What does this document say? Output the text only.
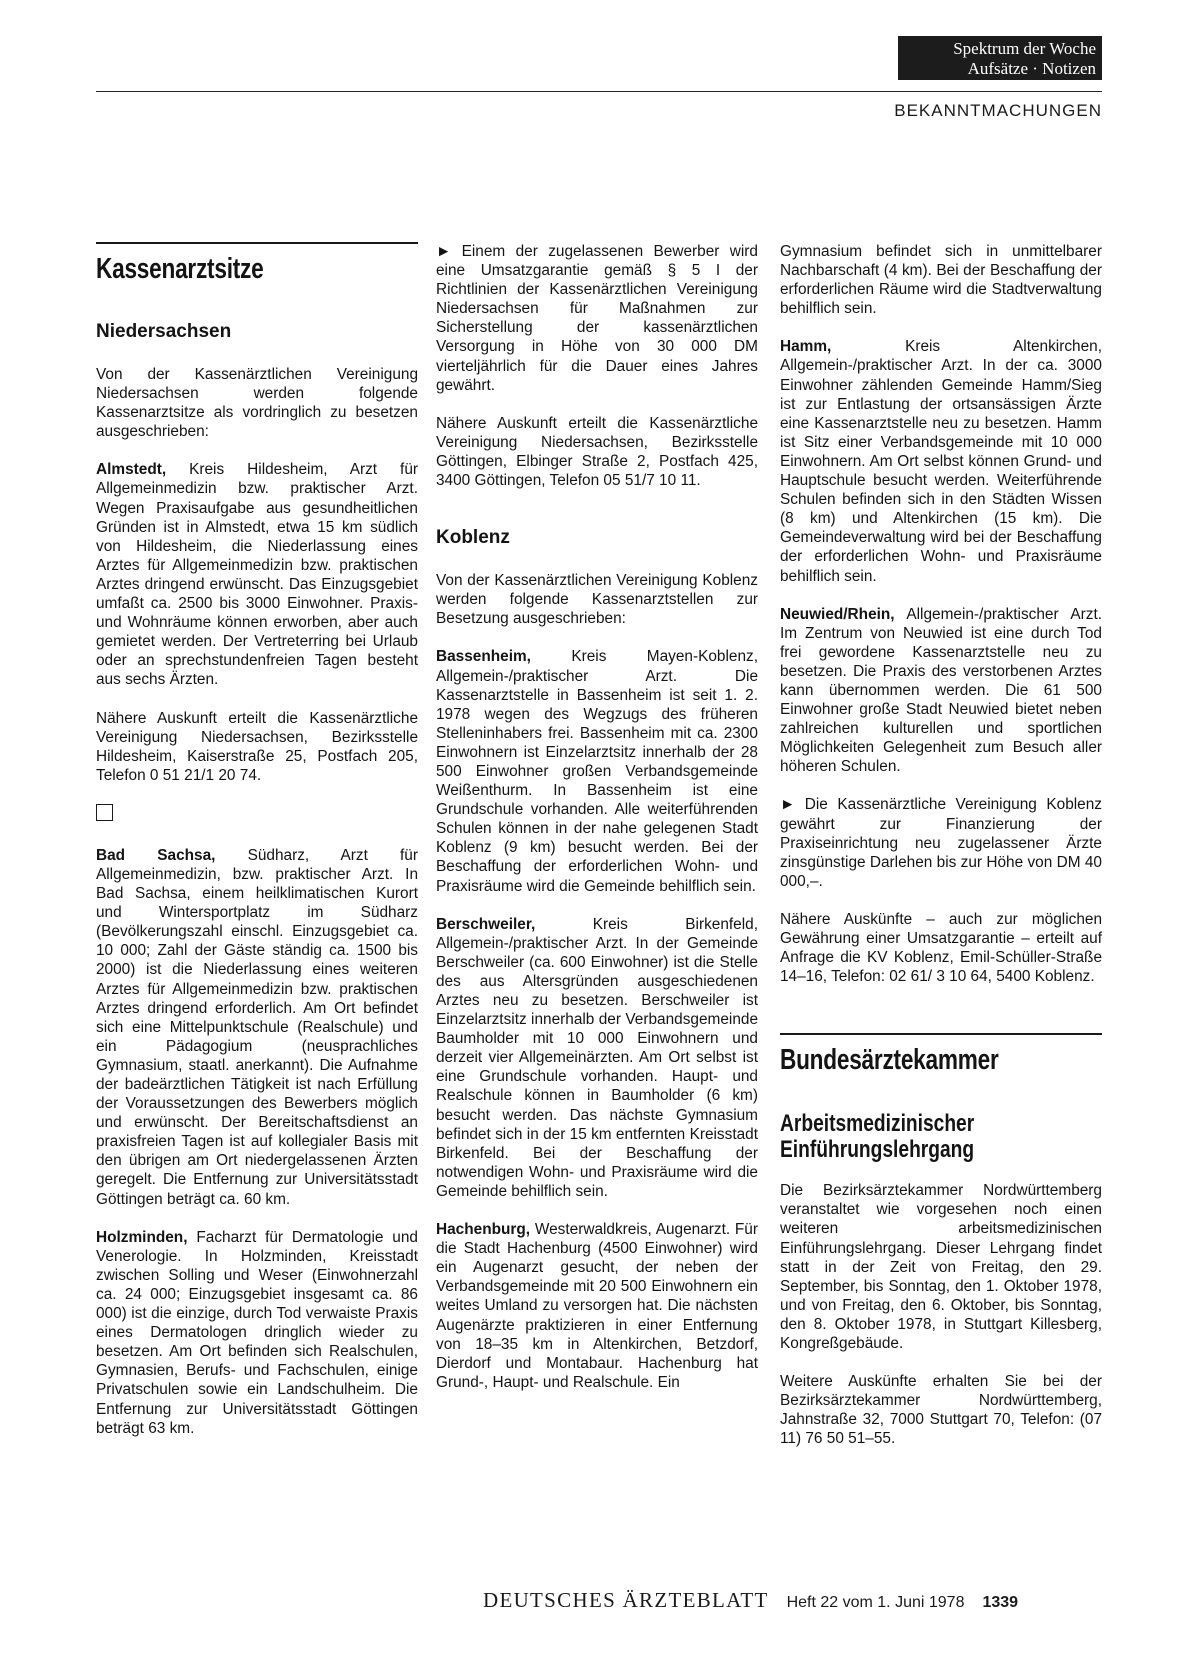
Spektrum der Woche
Aufsätze · Notizen
BEKANNTMACHUNGEN
Kassenarztsitze
Niedersachsen

Von der Kassenärztlichen Vereinigung Niedersachsen werden folgende Kassenarztsitze als vordringlich zu besetzen ausgeschrieben:

Almstedt, Kreis Hildesheim, Arzt für Allgemeinmedizin bzw. praktischer Arzt. Wegen Praxisaufgabe aus gesundheitlichen Gründen ist in Almstedt, etwa 15 km südlich von Hildesheim, die Niederlassung eines Arztes für Allgemeinmedizin bzw. praktischen Arztes dringend erwünscht. Das Einzugsgebiet umfaßt ca. 2500 bis 3000 Einwohner. Praxis- und Wohnräume können erworben, aber auch gemietet werden. Der Vertreterring bei Urlaub oder an sprechstundenfreien Tagen besteht aus sechs Ärzten.

Nähere Auskunft erteilt die Kassenärztliche Vereinigung Niedersachsen, Bezirksstelle Hildesheim, Kaiserstraße 25, Postfach 205, Telefon 0 51 21/1 20 74.

Bad Sachsa, Südharz, Arzt für Allgemeinmedizin, bzw. praktischer Arzt. In Bad Sachsa, einem heilklimatischen Kurort und Wintersportplatz im Südharz (Bevölkerungszahl einschl. Einzugsgebiet ca. 10 000; Zahl der Gäste ständig ca. 1500 bis 2000) ist die Niederlassung eines weiteren Arztes für Allgemeinmedizin bzw. praktischen Arztes dringend erforderlich. Am Ort befindet sich eine Mittelpunktschule (Realschule) und ein Pädagogium (neusprachliches Gymnasium, staatl. anerkannt). Die Aufnahme der badeärztlichen Tätigkeit ist nach Erfüllung der Voraussetzungen des Bewerbers möglich und erwünscht. Der Bereitschaftsdienst an praxisfreien Tagen ist auf kollegialer Basis mit den übrigen am Ort niedergelassenen Ärzten geregelt. Die Entfernung zur Universitätsstadt Göttingen beträgt ca. 60 km.

Holzminden, Facharzt für Dermatologie und Venerologie. In Holzminden, Kreisstadt zwischen Solling und Weser (Einwohnerzahl ca. 24 000; Einzugsgebiet insgesamt ca. 86 000) ist die einzige, durch Tod verwaiste Praxis eines Dermatologen dringlich wieder zu besetzen. Am Ort befinden sich Realschulen, Gymnasien, Berufs- und Fachschulen, einige Privatschulen sowie ein Landschulheim. Die Entfernung zur Universitätsstadt Göttingen beträgt 63 km.

► Einem der zugelassenen Bewerber wird eine Umsatzgarantie gemäß § 5 I der Richtlinien der Kassenärztlichen Vereinigung Niedersachsen für Maßnahmen zur Sicherstellung der kassenärztlichen Versorgung in Höhe von 30 000 DM vierteljährlich für die Dauer eines Jahres gewährt.

Nähere Auskunft erteilt die Kassenärztliche Vereinigung Niedersachsen, Bezirksstelle Göttingen, Elbinger Straße 2, Postfach 425, 3400 Göttingen, Telefon 05 51/7 10 11.

Koblenz

Von der Kassenärztlichen Vereinigung Koblenz werden folgende Kassenarztstellen zur Besetzung ausgeschrieben:

Bassenheim, Kreis Mayen-Koblenz, Allgemein-/praktischer Arzt. Die Kassenarztstelle in Bassenheim ist seit 1. 2. 1978 wegen des Wegzugs des früheren Stelleninhabers frei. Bassenheim mit ca. 2300 Einwohnern ist Einzelarztsitz innerhalb der 28 500 Einwohner großen Verbandsgemeinde Weißenthurm. In Bassenheim ist eine Grundschule vorhanden. Alle weiterführenden Schulen können in der nahe gelegenen Stadt Koblenz (9 km) besucht werden. Bei der Beschaffung der erforderlichen Wohn- und Praxisräume wird die Gemeinde behilflich sein.

Berschweiler, Kreis Birkenfeld, Allgemein-/praktischer Arzt. In der Gemeinde Berschweiler (ca. 600 Einwohner) ist die Stelle des aus Altersgründen ausgeschiedenen Arztes neu zu besetzen. Berschweiler ist Einzelarztsitz innerhalb der Verbandsgemeinde Baumholder mit 10 000 Einwohnern und derzeit vier Allgemeinärzten. Am Ort selbst ist eine Grundschule vorhanden. Haupt- und Realschule können in Baumholder (6 km) besucht werden. Das nächste Gymnasium befindet sich in der 15 km entfernten Kreisstadt Birkenfeld. Bei der Beschaffung der notwendigen Wohn- und Praxisräume wird die Gemeinde behilflich sein.

Hachenburg, Westerwaldkreis, Augenarzt. Für die Stadt Hachenburg (4500 Einwohner) wird ein Augenarzt gesucht, der neben der Verbandsgemeinde mit 20 500 Einwohnern ein weites Umland zu versorgen hat. Die nächsten Augenärzte praktizieren in einer Entfernung von 18–35 km in Altenkirchen, Betzdorf, Dierdorf und Montabaur. Hachenburg hat Grund-, Haupt- und Realschule. Ein

Gymnasium befindet sich in unmittelbarer Nachbarschaft (4 km). Bei der Beschaffung der erforderlichen Räume wird die Stadtverwaltung behilflich sein.

Hamm, Kreis Altenkirchen, Allgemein-/praktischer Arzt. In der ca. 3000 Einwohner zählenden Gemeinde Hamm/Sieg ist zur Entlastung der ortsansässigen Ärzte eine Kassenarztstelle neu zu besetzen. Hamm ist Sitz einer Verbandsgemeinde mit 10 000 Einwohnern. Am Ort selbst können Grund- und Hauptschule besucht werden. Weiterführende Schulen befinden sich in den Städten Wissen (8 km) und Altenkirchen (15 km). Die Gemeindeverwaltung wird bei der Beschaffung der erforderlichen Wohn- und Praxisräume behilflich sein.

Neuwied/Rhein, Allgemein-/praktischer Arzt. Im Zentrum von Neuwied ist eine durch Tod frei gewordene Kassenarztstelle neu zu besetzen. Die Praxis des verstorbenen Arztes kann übernommen werden. Die 61 500 Einwohner große Stadt Neuwied bietet neben zahlreichen kulturellen und sportlichen Möglichkeiten Gelegenheit zum Besuch aller höheren Schulen.

► Die Kassenärztliche Vereinigung Koblenz gewährt zur Finanzierung der Praxiseinrichtung neu zugelassener Ärzte zinsgünstige Darlehen bis zur Höhe von DM 40 000,–.

Nähere Auskünfte – auch zur möglichen Gewährung einer Umsatzgarantie – erteilt auf Anfrage die KV Koblenz, Emil-Schüller-Straße 14–16, Telefon: 02 61/ 3 10 64, 5400 Koblenz.

Bundesärztekammer
Arbeitsmedizinischer
Einführungslehrgang

Die Bezirksärztekammer Nordwürttemberg veranstaltet wie vorgesehen noch einen weiteren arbeitsmedizinischen Einführungslehrgang. Dieser Lehrgang findet statt in der Zeit von Freitag, den 29. September, bis Sonntag, den 1. Oktober 1978, und von Freitag, den 6. Oktober, bis Sonntag, den 8. Oktober 1978, in Stuttgart Killesberg, Kongreßgebäude.

Weitere Auskünfte erhalten Sie bei der Bezirksärztekammer Nordwürttemberg, Jahnstraße 32, 7000 Stuttgart 70, Telefon: (07 11) 76 50 51–55.

DEUTSCHES ÄRZTEBLATT Heft 22 vom 1. Juni 1978 1339
